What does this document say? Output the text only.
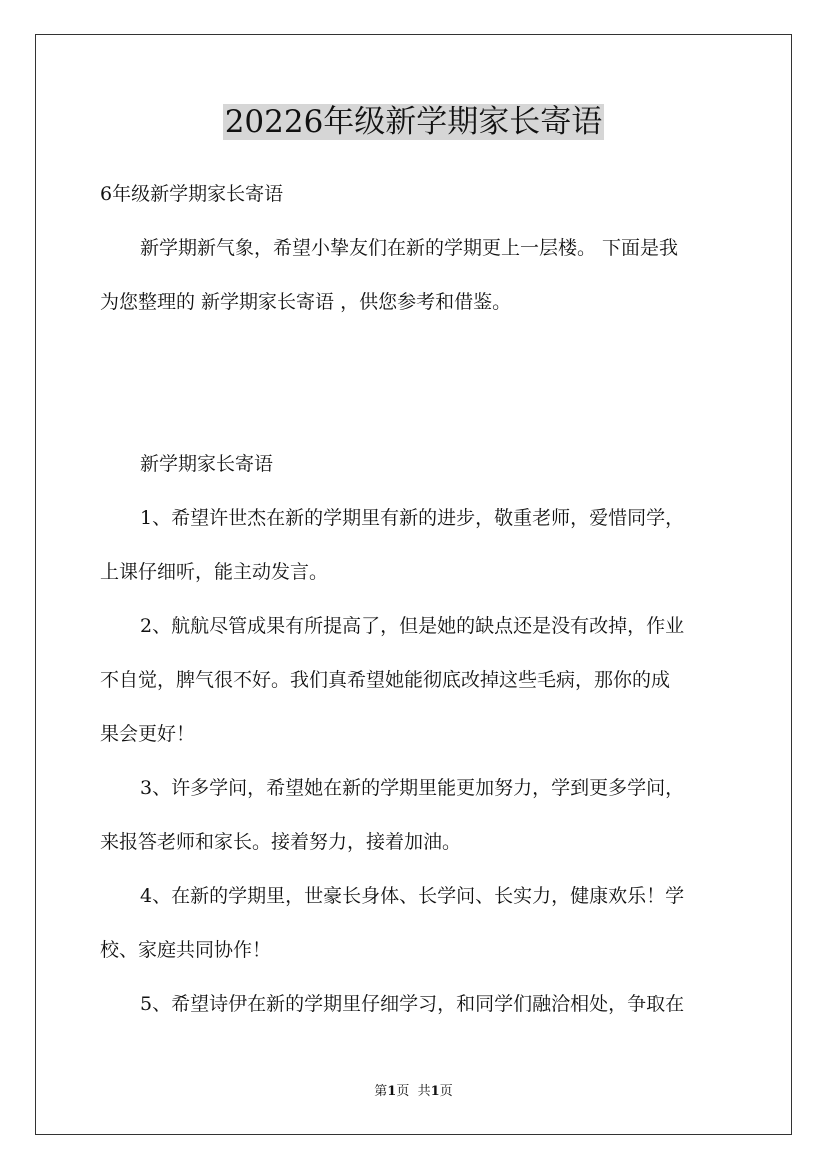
20226年级新学期家长寄语

6年级新学期家长寄语

新学期新气象，希望小挚友们在新的学期更上一层楼。 下面是我

为您整理的 新学期家长寄语 ，供您参考和借鉴。

新学期家长寄语

1、希望许世杰在新的学期里有新的进步，敬重老师，爱惜同学，

上课仔细听，能主动发言。

2、航航尽管成果有所提高了，但是她的缺点还是没有改掉，作业

不自觉，脾气很不好。我们真希望她能彻底改掉这些毛病，那你的成

果会更好！

3、许多学问，希望她在新的学期里能更加努力，学到更多学问，

来报答老师和家长。接着努力，接着加油。

4、在新的学期里，世豪长身体、长学问、长实力，健康欢乐！学

校、家庭共同协作！

5、希望诗伊在新的学期里仔细学习，和同学们融洽相处，争取在

第1页 共1页
